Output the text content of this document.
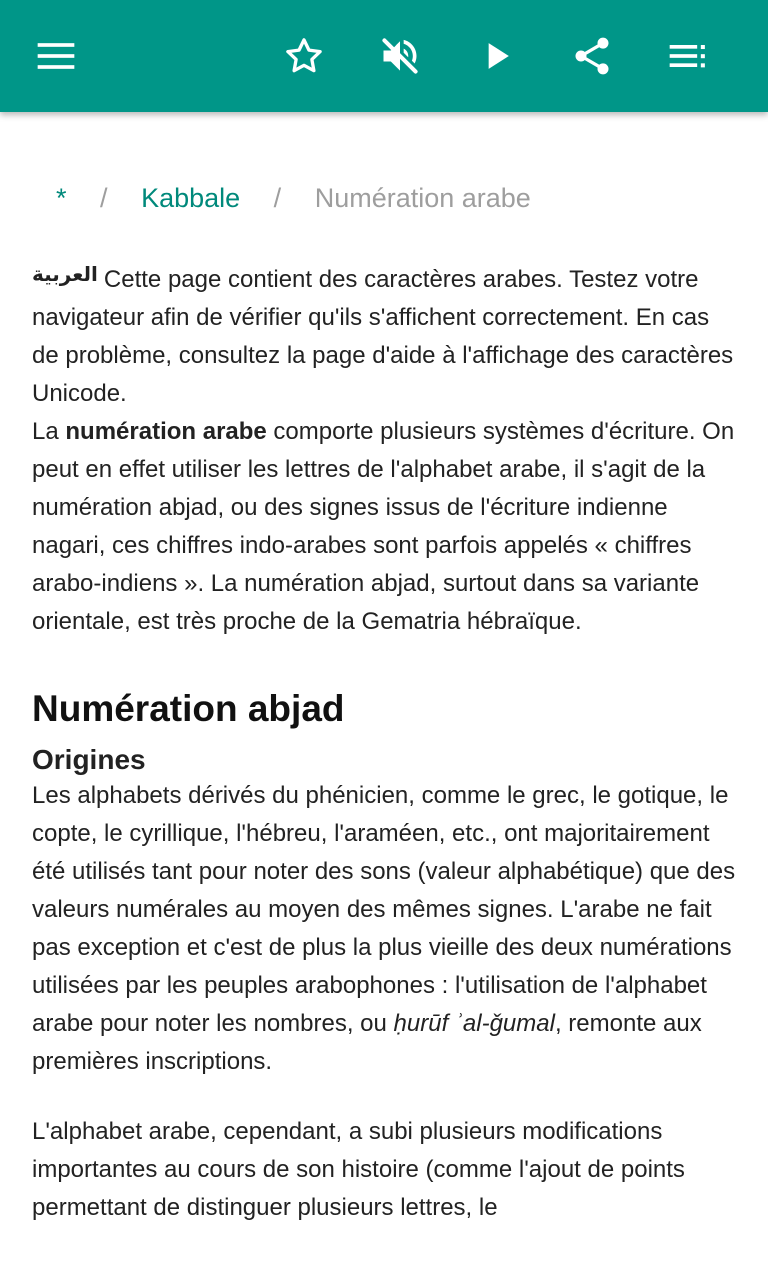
* / Kabbale / Numération arabe

$^{العربية}$ Cette page contient des caractères arabes. Testez votre navigateur afin de vérifier qu'ils s'affichent correctement. En cas de problème, consultez la page d'aide à l'affichage des caractères Unicode.

La numération arabe comporte plusieurs systèmes d'écriture. On peut en effet utiliser les lettres de l'alphabet arabe, il s'agit de la numération abjad, ou des signes issus de l'écriture indienne nagari, ces chiffres indo-arabes sont parfois appelés « chiffres arabo-indiens ». La numération abjad, surtout dans sa variante orientale, est très proche de la Gematria hébraïque.

Numération abjad
Origines

Les alphabets dérivés du phénicien, comme le grec, le gotique, le copte, le cyrillique, l'hébreu, l'araméen, etc., ont majoritairement été utilisés tant pour noter des sons (valeur alphabétique) que des valeurs numérales au moyen des mêmes signes. L'arabe ne fait pas exception et c'est de plus la plus vieille des deux numérations utilisées par les peuples arabophones : l'utilisation de l'alphabet arabe pour noter les nombres, ou ḥurūf ʾal-ǧumal, remonte aux premières inscriptions.

L'alphabet arabe, cependant, a subi plusieurs modifications importantes au cours de son histoire (comme l'ajout de points permettant de distinguer plusieurs lettres, le
